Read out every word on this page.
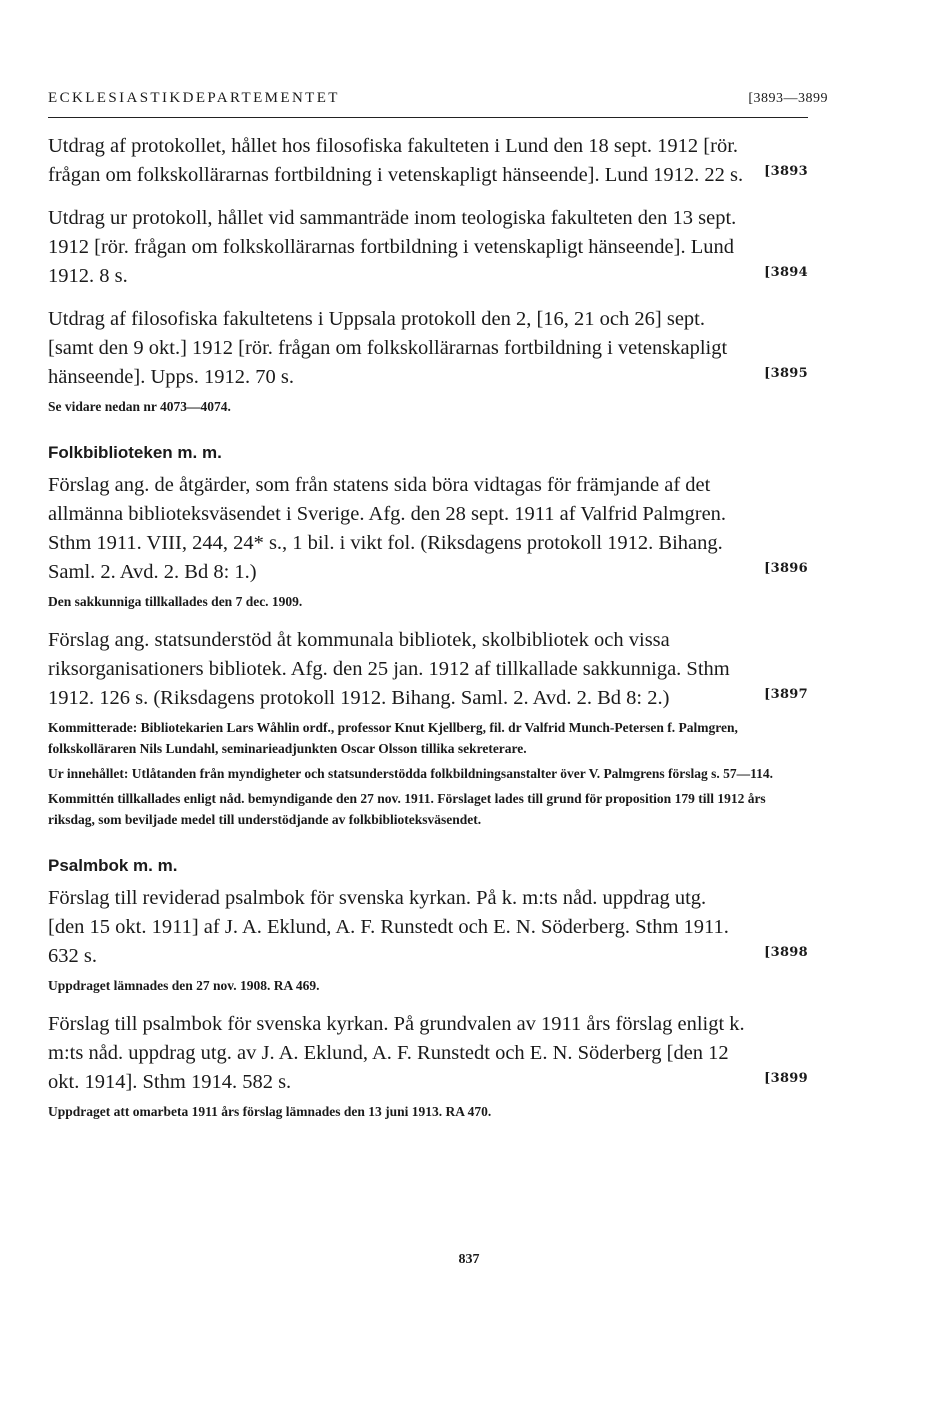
ECKLESIASTIKDEPARTEMENTET	[3893—3899
Utdrag af protokollet, hållet hos filosofiska fakulteten i Lund den 18 sept. 1912 [rör. frågan om folkskollärarnas fortbildning i vetenskapligt hänseende]. Lund 1912. 22 s.	[3893
Utdrag ur protokoll, hållet vid sammanträde inom teologiska fakulteten den 13 sept. 1912 [rör. frågan om folkskollärarnas fortbildning i vetenskapligt hänseende]. Lund 1912. 8 s.	[3894
Utdrag af filosofiska fakultetens i Uppsala protokoll den 2, [16, 21 och 26] sept. [samt den 9 okt.] 1912 [rör. frågan om folkskollärarnas fortbildning i vetenskapligt hänseende]. Upps. 1912. 70 s.	[3895
Se vidare nedan nr 4073—4074.
Folkbiblioteken m. m.
Förslag ang. de åtgärder, som från statens sida böra vidtagas för främjande af det allmänna biblioteksväsendet i Sverige. Afg. den 28 sept. 1911 af Valfrid Palmgren. Sthm 1911. VIII, 244, 24* s., 1 bil. i vikt fol. (Riksdagens protokoll 1912. Bihang. Saml. 2. Avd. 2. Bd 8: 1.)	[3896
Den sakkunniga tillkallades den 7 dec. 1909.
Förslag ang. statsunderstöd åt kommunala bibliotek, skolbibliotek och vissa riksorganisationers bibliotek. Afg. den 25 jan. 1912 af tillkallade sakkunniga. Sthm 1912. 126 s. (Riksdagens protokoll 1912. Bihang. Saml. 2. Avd. 2. Bd 8: 2.)	[3897
Kommitterade: Bibliotekarien Lars Wåhlin ordf., professor Knut Kjellberg, fil. dr Valfrid Munch-Petersen f. Palmgren, folkskolläraren Nils Lundahl, seminarieadjunkten Oscar Olsson tillika sekreterare.
Ur innehållet: Utlåtanden från myndigheter och statsunderstödda folkbildningsanstalter över V. Palmgrens förslag s. 57—114.
Kommittén tillkallades enligt nåd. bemyndigande den 27 nov. 1911. Förslaget lades till grund för proposition 179 till 1912 års riksdag, som beviljade medel till understödjande av folkbiblioteksväsendet.
Psalmbok m. m.
Förslag till reviderad psalmbok för svenska kyrkan. På k. m:ts nåd. uppdrag utg. [den 15 okt. 1911] af J. A. Eklund, A. F. Runstedt och E. N. Söderberg. Sthm 1911. 632 s.	[3898
Uppdraget lämnades den 27 nov. 1908. RA 469.
Förslag till psalmbok för svenska kyrkan. På grundvalen av 1911 års förslag enligt k. m:ts nåd. uppdrag utg. av J. A. Eklund, A. F. Runstedt och E. N. Söderberg [den 12 okt. 1914]. Sthm 1914. 582 s.	[3899
Uppdraget att omarbeta 1911 års förslag lämnades den 13 juni 1913. RA 470.
837
